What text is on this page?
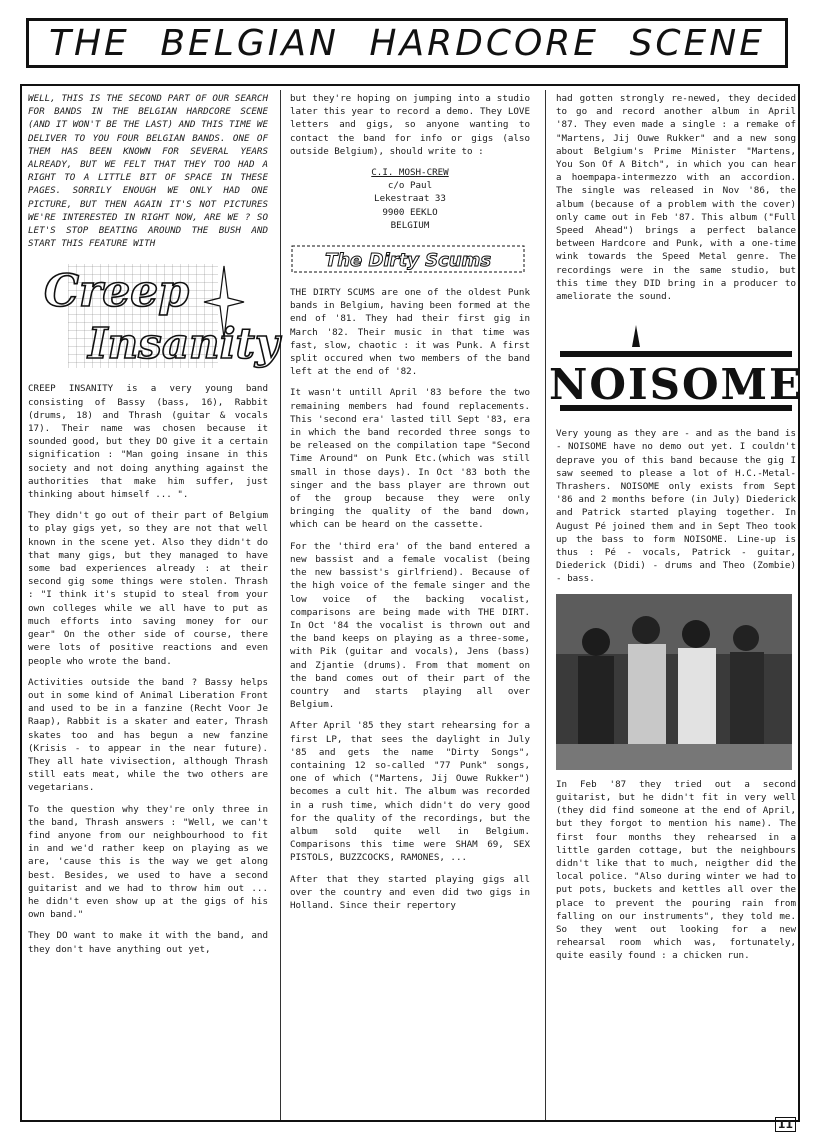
THE BELGIAN HARDCORE SCENE

WELL, THIS IS THE SECOND PART OF OUR SEARCH FOR BANDS IN THE BELGIAN HARDCORE SCENE (AND IT WON'T BE THE LAST) AND THIS TIME WE DELIVER TO YOU FOUR BELGIAN BANDS. ONE OF THEM HAS BEEN KNOWN FOR SEVERAL YEARS ALREADY, BUT WE FELT THAT THEY TOO HAD A RIGHT TO A LITTLE BIT OF SPACE IN THESE PAGES. SORRILY ENOUGH WE ONLY HAD ONE PICTURE, BUT THEN AGAIN IT'S NOT PICTURES WE'RE INTERESTED IN RIGHT NOW, ARE WE ? SO LET'S STOP BEATING AROUND THE BUSH AND START THIS FEATURE WITH

Creep
Insanity

CREEP INSANITY is a very young band consisting of Bassy (bass, 16), Rabbit (drums, 18) and Thrash (guitar & vocals 17). Their name was chosen because it sounded good, but they DO give it a certain signification : "Man going insane in this society and not doing anything against the authorities that make him suffer, just thinking about himself ... ".

They didn't go out of their part of Belgium to play gigs yet, so they are not that well known in the scene yet. Also they didn't do that many gigs, but they managed to have some bad experiences already : at their second gig some things were stolen. Thrash : "I think it's stupid to steal from your own colleges while we all have to put as much efforts into saving money for our gear" On the other side of course, there were lots of positive reactions and even people who wrote the band.

Activities outside the band ? Bassy helps out in some kind of Animal Liberation Front and used to be in a fanzine (Recht Voor Je Raap), Rabbit is a skater and eater, Thrash skates too and has begun a new fanzine (Krisis - to appear in the near future). They all hate vivisection, although Thrash still eats meat, while the two others are vegetarians.

To the question why they're only three in the band, Thrash answers : "Well, we can't find anyone from our neighbourhood to fit in and we'd rather keep on playing as we are, 'cause this is the way we get along best. Besides, we used to have a second guitarist and we had to throw him out ... he didn't even show up at the gigs of his own band."

They DO want to make it with the band, and they don't have anything out yet,

but they're hoping on jumping into a studio later this year to record a demo. They LOVE letters and gigs, so anyone wanting to contact the band for info or gigs (also outside Belgium), should write to :

C.I. MOSH-CREW
c/o Paul
Lekestraat 33
9900 EEKLO
BELGIUM
The Dirty Scums

THE DIRTY SCUMS are one of the oldest Punk bands in Belgium, having been formed at the end of '81. They had their first gig in March '82. Their music in that time was fast, slow, chaotic : it was Punk. A first split occured when two members of the band left at the end of '82.

It wasn't untill April '83 before the two remaining members had found replacements. This 'second era' lasted till Sept '83, era in which the band recorded three songs to be released on the compilation tape "Second Time Around" on Punk Etc.(which was still small in those days). In Oct '83 both the singer and the bass player are thrown out of the group because they were only bringing the quality of the band down, which can be heard on the cassette.

For the 'third era' of the band entered a new bassist and a female vocalist (being the new bassist's girlfriend). Because of the high voice of the female singer and the low voice of the backing vocalist, comparisons are being made with THE DIRT. In Oct '84 the vocalist is thrown out and the band keeps on playing as a three-some, with Pik (guitar and vocals), Jens (bass) and Zjantie (drums). From that moment on the band comes out of their part of the country and starts playing all over Belgium.

After April '85 they start rehearsing for a first LP, that sees the daylight in July '85 and gets the name "Dirty Songs", containing 12 so-called "77 Punk" songs, one of which ("Martens, Jij Ouwe Rukker") becomes a cult hit. The album was recorded in a rush time, which didn't do very good for the quality of the recordings, but the album sold quite well in Belgium. Comparisons this time were SHAM 69, SEX PISTOLS, BUZZCOCKS, RAMONES, ...

After that they started playing gigs all over the country and even did two gigs in Holland. Since their repertory

had gotten strongly re-newed, they decided to go and record another album in April '87. They even made a single : a remake of "Martens, Jij Ouwe Rukker" and a new song about Belgium's Prime Minister "Martens, You Son Of A Bitch", in which you can hear a hoempapa-intermezzo with an accordion. The single was released in Nov '86, the album (because of a problem with the cover) only came out in Feb '87. This album ("Full Speed Ahead") brings a perfect balance between Hardcore and Punk, with a one-time wink towards the Speed Metal genre. The recordings were in the same studio, but this time they DID bring in a producer to ameliorate the sound.

NOISOME

Very young as they are - and as the band is - NOISOME have no demo out yet. I couldn't deprave you of this band because the gig I saw seemed to please a lot of H.C.-Metal-Thrashers. NOISOME only exists from Sept '86 and 2 months before (in July) Diederick and Patrick started playing together. In August Pé joined them and in Sept Theo took up the bass to form NOISOME. Line-up is thus : Pé - vocals, Patrick - guitar, Diederick (Didi) - drums and Theo (Zombie) - bass.

In Feb '87 they tried out a second guitarist, but he didn't fit in very well (they did find someone at the end of April, but they forgot to mention his name). The first four months they rehearsed in a little garden cottage, but the neighbours didn't like that to much, neigther did the local police. "Also during winter we had to put pots, buckets and kettles all over the place to prevent the pouring rain from falling on our instruments", they told me. So they went out looking for a new rehearsal room which was, fortunately, quite easily found : a chicken run.

11
